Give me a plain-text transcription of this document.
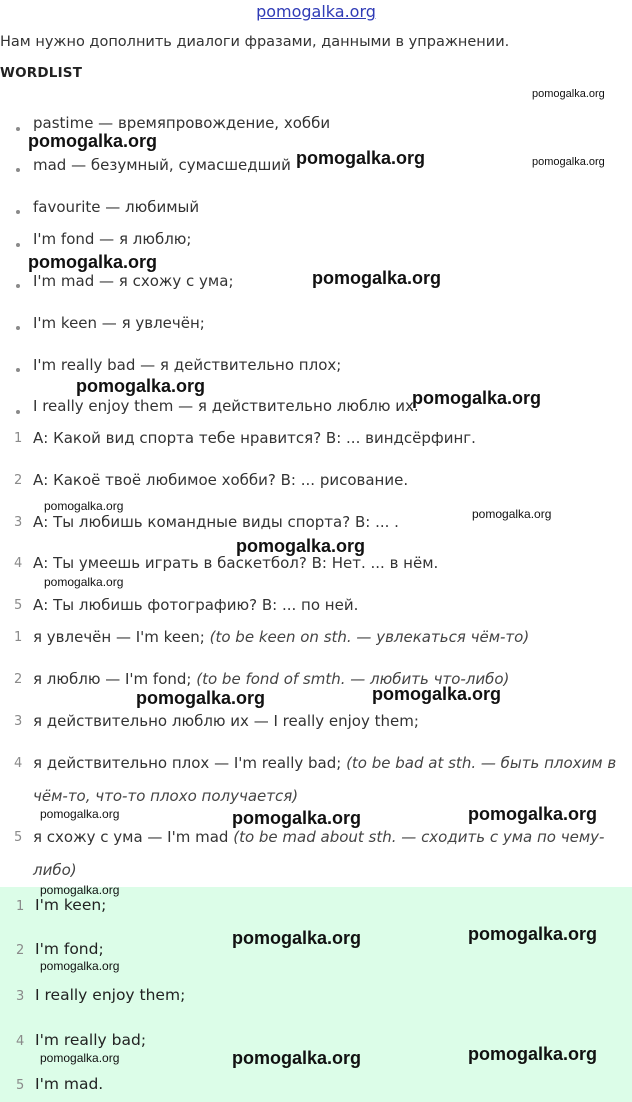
pomogalka.org
Нам нужно дополнить диалоги фразами, данными в упражнении.
WORDLIST
pastime — времяпровождение, хобби
mad — безумный, сумасшедший
favourite — любимый
I'm fond — я люблю;
I'm mad — я схожу с ума;
I'm keen — я увлечён;
I'm really bad — я действительно плох;
I really enjoy them — я действительно люблю их.
1 А: Какой вид спорта тебе нравится? В: ... виндсёрфинг.
2 А: Какоё твоё любимое хобби? В: ... рисование.
3 А: Ты любишь командные виды спорта? В: ... .
4 А: Ты умеешь играть в баскетбол? В: Нет. ... в нём.
5 А: Ты любишь фотографию? В: ... по ней.
1 я увлечён — I'm keen; (to be keen on sth. — увлекаться чём-то)
2 я люблю — I'm fond; (to be fond of smth. — любить что-либо)
3 я действительно люблю их — I really enjoy them;
4 я действительно плох — I'm really bad; (to be bad at sth. — быть плохим в
чём-то, что-то плохо получается)
5 я схожу с ума — I'm mad (to be mad about sth. — сходить с ума по чему-
либо)
1 I'm keen;
2 I'm fond;
3 I really enjoy them;
4 I'm really bad;
5 I'm mad.
pomogalka.org
pomogalka.org
pomogalka.org	pomogalka.org
pomogalka.org
pomogalka.org
pomogalka.org
pomogalka.org
pomogalka.org
pomogalka.org
pomogalka.org
pomogalka.org
pomogalka.org	pomogalka.org
pomogalka.org	pomogalka.org	pomogalka.org
pomogalka.org
pomogalka.org	pomogalka.org
pomogalka.org
pomogalka.org	pomogalka.org	pomogalka.org
